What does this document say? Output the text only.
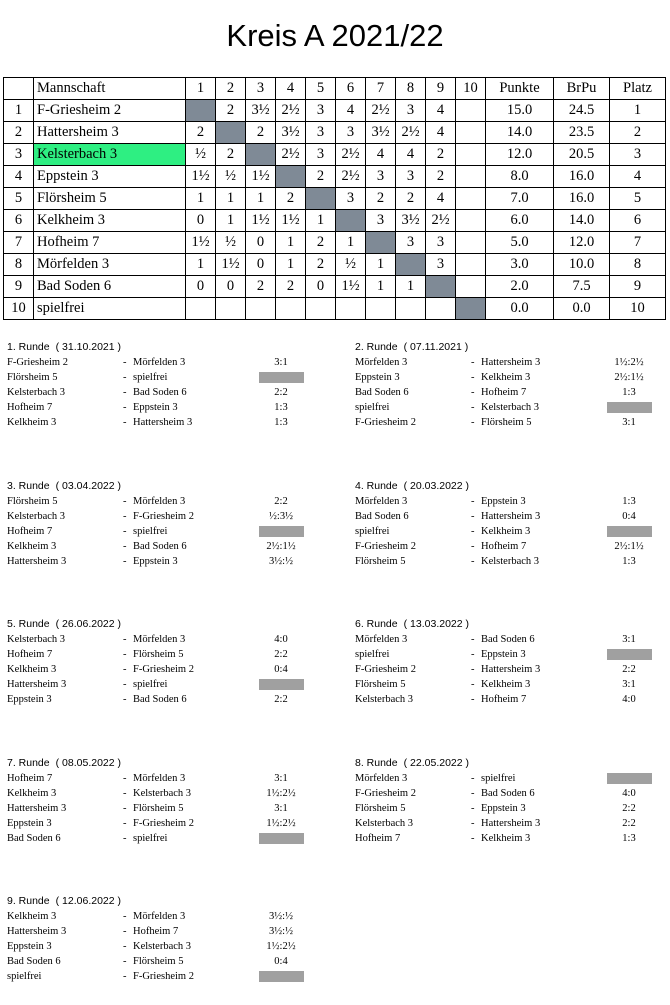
Kreis A 2021/22
	Mannschaft	1	2	3	4	5	6	7	8	9	10	Punkte	BrPu	Platz
1	F-Griesheim 2		2	3½	2½	3	4	2½	3	4		15.0	24.5	1
2	Hattersheim 3	2		2	3½	3	3	3½	2½	4		14.0	23.5	2
3	Kelsterbach 3	½	2		2½	3	2½	4	4	2		12.0	20.5	3
4	Eppstein 3	1½	½	1½		2	2½	3	3	2		8.0	16.0	4
5	Flörsheim 5	1	1	1	2		3	2	2	4		7.0	16.0	5
6	Kelkheim 3	0	1	1½	1½	1		3	3½	2½		6.0	14.0	6
7	Hofheim 7	1½	½	0	1	2	1		3	3		5.0	12.0	7
8	Mörfelden 3	1	1½	0	1	2	½	1		3		3.0	10.0	8
9	Bad Soden 6	0	0	2	2	0	1½	1	1			2.0	7.5	9
10	spielfrei											0.0	0.0	10
1. Runde ( 31.10.2021 )
F-Griesheim 2	- Mörfelden 3	3:1
Flörsheim 5	- spielfrei
Kelsterbach 3	- Bad Soden 6	2:2
Hofheim 7	- Eppstein 3	1:3
Kelkheim 3	- Hattersheim 3	1:3
2. Runde ( 07.11.2021 )
Mörfelden 3	- Hattersheim 3	1½:2½
Eppstein 3	- Kelkheim 3	2½:1½
Bad Soden 6	- Hofheim 7	1:3
spielfrei	- Kelsterbach 3
F-Griesheim 2	- Flörsheim 5	3:1
3. Runde ( 03.04.2022 )
Flörsheim 5	- Mörfelden 3	2:2
Kelsterbach 3	- F-Griesheim 2	½:3½
Hofheim 7	- spielfrei
Kelkheim 3	- Bad Soden 6	2½:1½
Hattersheim 3	- Eppstein 3	3½:½
4. Runde ( 20.03.2022 )
Mörfelden 3	- Eppstein 3	1:3
Bad Soden 6	- Hattersheim 3	0:4
spielfrei	- Kelkheim 3
F-Griesheim 2	- Hofheim 7	2½:1½
Flörsheim 5	- Kelsterbach 3	1:3
5. Runde ( 26.06.2022 )
Kelsterbach 3	- Mörfelden 3	4:0
Hofheim 7	- Flörsheim 5	2:2
Kelkheim 3	- F-Griesheim 2	0:4
Hattersheim 3	- spielfrei
Eppstein 3	- Bad Soden 6	2:2
6. Runde ( 13.03.2022 )
Mörfelden 3	- Bad Soden 6	3:1
spielfrei	- Eppstein 3
F-Griesheim 2	- Hattersheim 3	2:2
Flörsheim 5	- Kelkheim 3	3:1
Kelsterbach 3	- Hofheim 7	4:0
7. Runde ( 08.05.2022 )
Hofheim 7	- Mörfelden 3	3:1
Kelkheim 3	- Kelsterbach 3	1½:2½
Hattersheim 3	- Flörsheim 5	3:1
Eppstein 3	- F-Griesheim 2	1½:2½
Bad Soden 6	- spielfrei
8. Runde ( 22.05.2022 )
Mörfelden 3	- spielfrei
F-Griesheim 2	- Bad Soden 6	4:0
Flörsheim 5	- Eppstein 3	2:2
Kelsterbach 3	- Hattersheim 3	2:2
Hofheim 7	- Kelkheim 3	1:3
9. Runde ( 12.06.2022 )
Kelkheim 3	- Mörfelden 3	3½:½
Hattersheim 3	- Hofheim 7	3½:½
Eppstein 3	- Kelsterbach 3	1½:2½
Bad Soden 6	- Flörsheim 5	0:4
spielfrei	- F-Griesheim 2
